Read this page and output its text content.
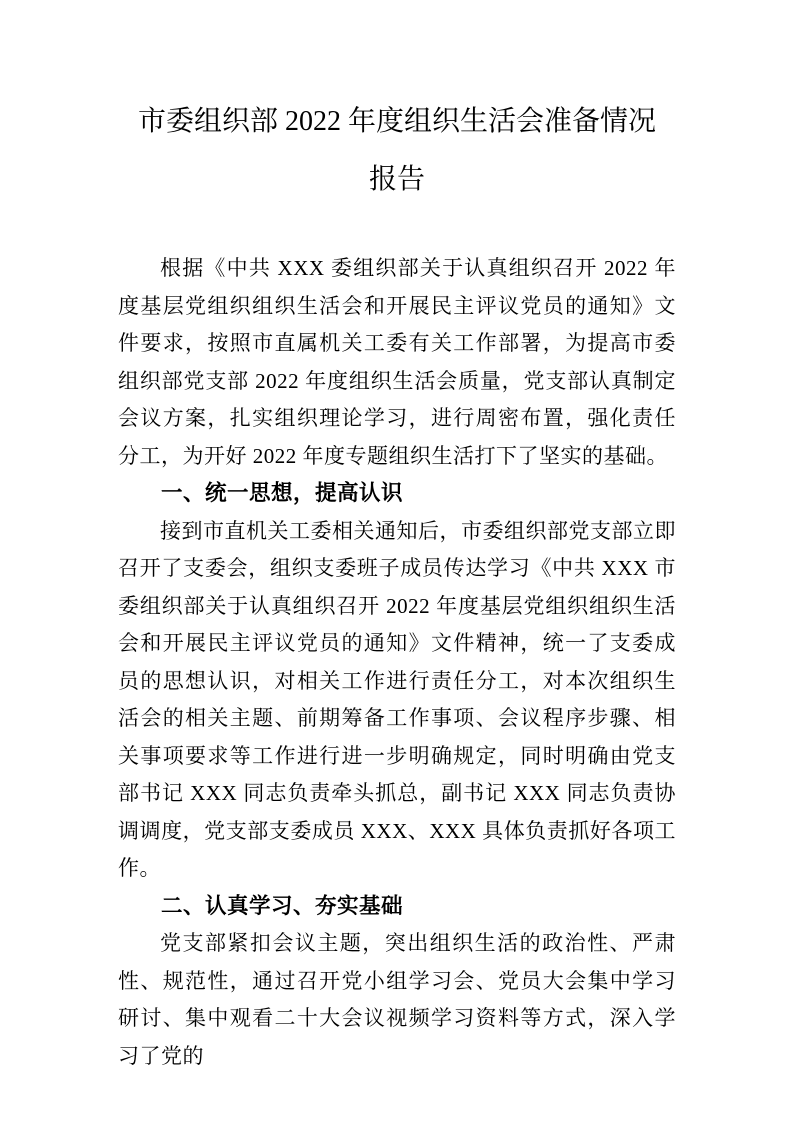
市委组织部 2022 年度组织生活会准备情况
报告

根据《中共 XXX 委组织部关于认真组织召开 2022 年度基层党组织组织生活会和开展民主评议党员的通知》文件要求，按照市直属机关工委有关工作部署，为提高市委组织部党支部 2022 年度组织生活会质量，党支部认真制定会议方案，扎实组织理论学习，进行周密布置，强化责任分工，为开好 2022 年度专题组织生活打下了坚实的基础。

一、统一思想，提高认识

接到市直机关工委相关通知后，市委组织部党支部立即召开了支委会，组织支委班子成员传达学习《中共 XXX 市委组织部关于认真组织召开 2022 年度基层党组织组织生活会和开展民主评议党员的通知》文件精神，统一了支委成员的思想认识，对相关工作进行责任分工，对本次组织生活会的相关主题、前期筹备工作事项、会议程序步骤、相关事项要求等工作进行进一步明确规定，同时明确由党支部书记 XXX 同志负责牵头抓总，副书记 XXX 同志负责协调调度，党支部支委成员 XXX、XXX 具体负责抓好各项工作。

二、认真学习、夯实基础

党支部紧扣会议主题，突出组织生活的政治性、严肃性、规范性，通过召开党小组学习会、党员大会集中学习研讨、集中观看二十大会议视频学习资料等方式，深入学习了党的
